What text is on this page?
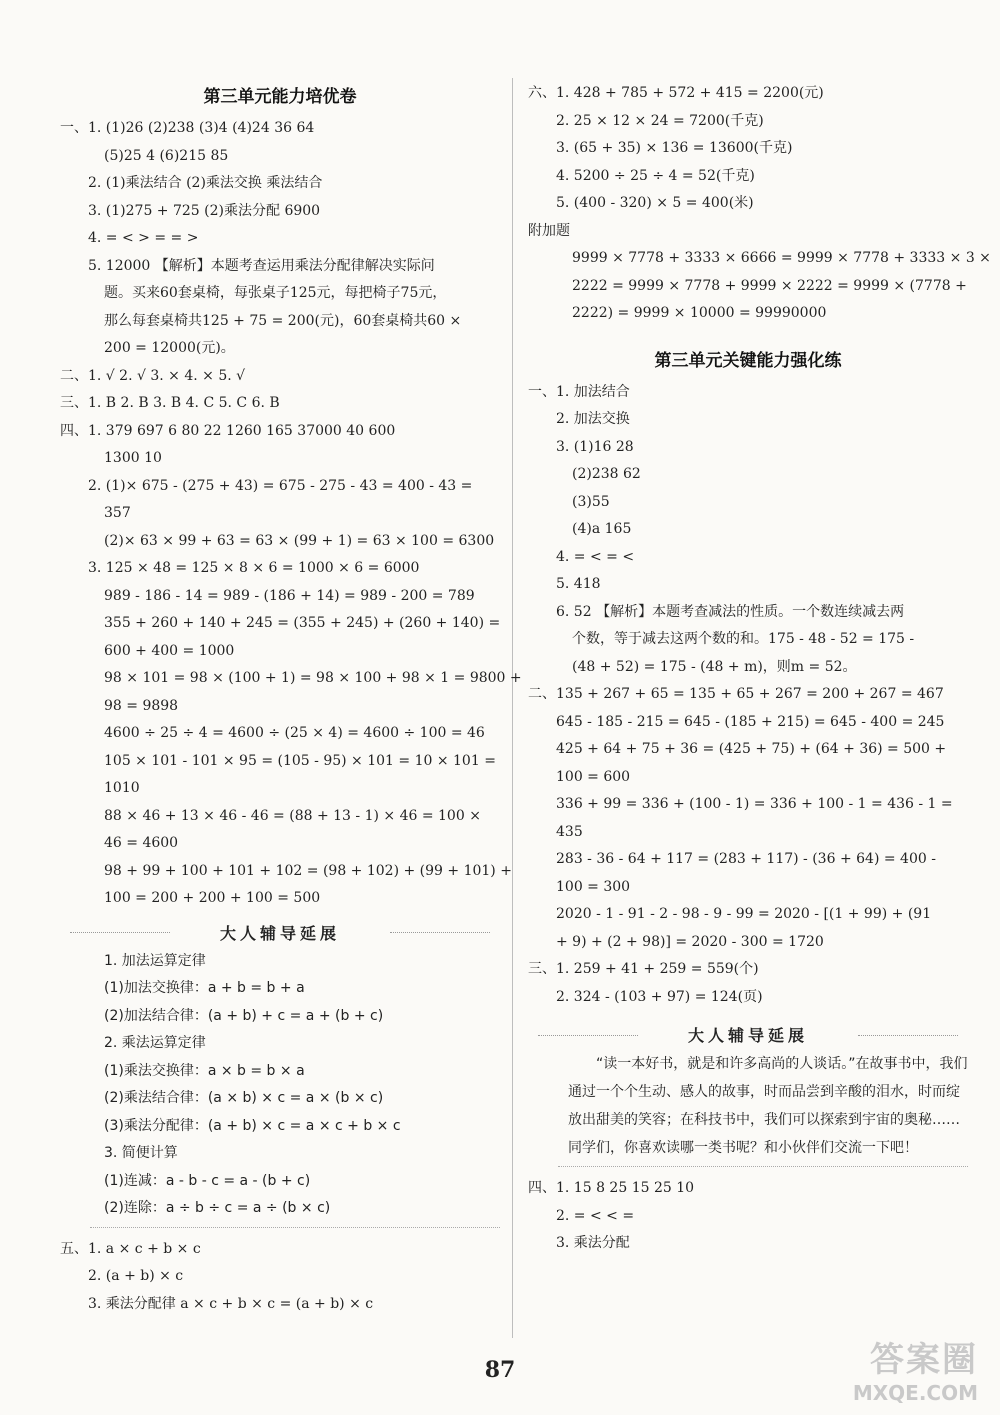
第三单元能力培优卷
一、1. (1)26 (2)238 (3)4 (4)24 36 64
(5)25 4 (6)215 85
2. (1)乘法结合 (2)乘法交换 乘法结合
3. (1)275 + 725 (2)乘法分配 6900
4. = < > = = >
5. 12000 【解析】本题考查运用乘法分配律解决实际问
题。买来60套桌椅，每张桌子125元，每把椅子75元，
那么每套桌椅共125 + 75 = 200(元)，60套桌椅共60 ×
200 = 12000(元)。
二、1. √ 2. √ 3. × 4. × 5. √
三、1. B 2. B 3. B 4. C 5. C 6. B
四、1. 379 697 6 80 22 1260 165 37000 40 600
1300 10
2. (1)× 675 - (275 + 43) = 675 - 275 - 43 = 400 - 43 =
357
(2)× 63 × 99 + 63 = 63 × (99 + 1) = 63 × 100 = 6300
3. 125 × 48 = 125 × 8 × 6 = 1000 × 6 = 6000
989 - 186 - 14 = 989 - (186 + 14) = 989 - 200 = 789
355 + 260 + 140 + 245 = (355 + 245) + (260 + 140) =
600 + 400 = 1000
98 × 101 = 98 × (100 + 1) = 98 × 100 + 98 × 1 = 9800 +
98 = 9898
4600 ÷ 25 ÷ 4 = 4600 ÷ (25 × 4) = 4600 ÷ 100 = 46
105 × 101 - 101 × 95 = (105 - 95) × 101 = 10 × 101 =
1010
88 × 46 + 13 × 46 - 46 = (88 + 13 - 1) × 46 = 100 ×
46 = 4600
98 + 99 + 100 + 101 + 102 = (98 + 102) + (99 + 101) +
100 = 200 + 200 + 100 = 500
大人辅导延展
1. 加法运算定律
(1)加法交换律：a + b = b + a
(2)加法结合律：(a + b) + c = a + (b + c)
2. 乘法运算定律
(1)乘法交换律：a × b = b × a
(2)乘法结合律：(a × b) × c = a × (b × c)
(3)乘法分配律：(a + b) × c = a × c + b × c
3. 简便计算
(1)连减：a - b - c = a - (b + c)
(2)连除：a ÷ b ÷ c = a ÷ (b × c)
五、1. a × c + b × c
2. (a + b) × c
3. 乘法分配律 a × c + b × c = (a + b) × c
六、1. 428 + 785 + 572 + 415 = 2200(元)
2. 25 × 12 × 24 = 7200(千克)
3. (65 + 35) × 136 = 13600(千克)
4. 5200 ÷ 25 ÷ 4 = 52(千克)
5. (400 - 320) × 5 = 400(米)
附加题
9999 × 7778 + 3333 × 6666 = 9999 × 7778 + 3333 × 3 ×
2222 = 9999 × 7778 + 9999 × 2222 = 9999 × (7778 +
2222) = 9999 × 10000 = 99990000
第三单元关键能力强化练
一、1. 加法结合
2. 加法交换
3. (1)16 28
(2)238 62
(3)55
(4)a 165
4. = < = <
5. 418
6. 52 【解析】本题考查减法的性质。一个数连续减去两
个数，等于减去这两个数的和。175 - 48 - 52 = 175 -
(48 + 52) = 175 - (48 + m)，则m = 52。
二、135 + 267 + 65 = 135 + 65 + 267 = 200 + 267 = 467
645 - 185 - 215 = 645 - (185 + 215) = 645 - 400 = 245
425 + 64 + 75 + 36 = (425 + 75) + (64 + 36) = 500 +
100 = 600
336 + 99 = 336 + (100 - 1) = 336 + 100 - 1 = 436 - 1 =
435
283 - 36 - 64 + 117 = (283 + 117) - (36 + 64) = 400 -
100 = 300
2020 - 1 - 91 - 2 - 98 - 9 - 99 = 2020 - [(1 + 99) + (91
+ 9) + (2 + 98)] = 2020 - 300 = 1720
三、1. 259 + 41 + 259 = 559(个)
2. 324 - (103 + 97) = 124(页)
大人辅导延展
“读一本好书，就是和许多高尚的人谈话。”在故事书中，我们通过一个个生动、感人的故事，时而品尝到辛酸的泪水，时而绽放出甜美的笑容；在科技书中，我们可以探索到宇宙的奥秘……同学们，你喜欢读哪一类书呢？和小伙伴们交流一下吧！
四、1. 15 8 25 15 25 10
2. = < < =
3. 乘法分配
87	答案圈
MXQE.COM
